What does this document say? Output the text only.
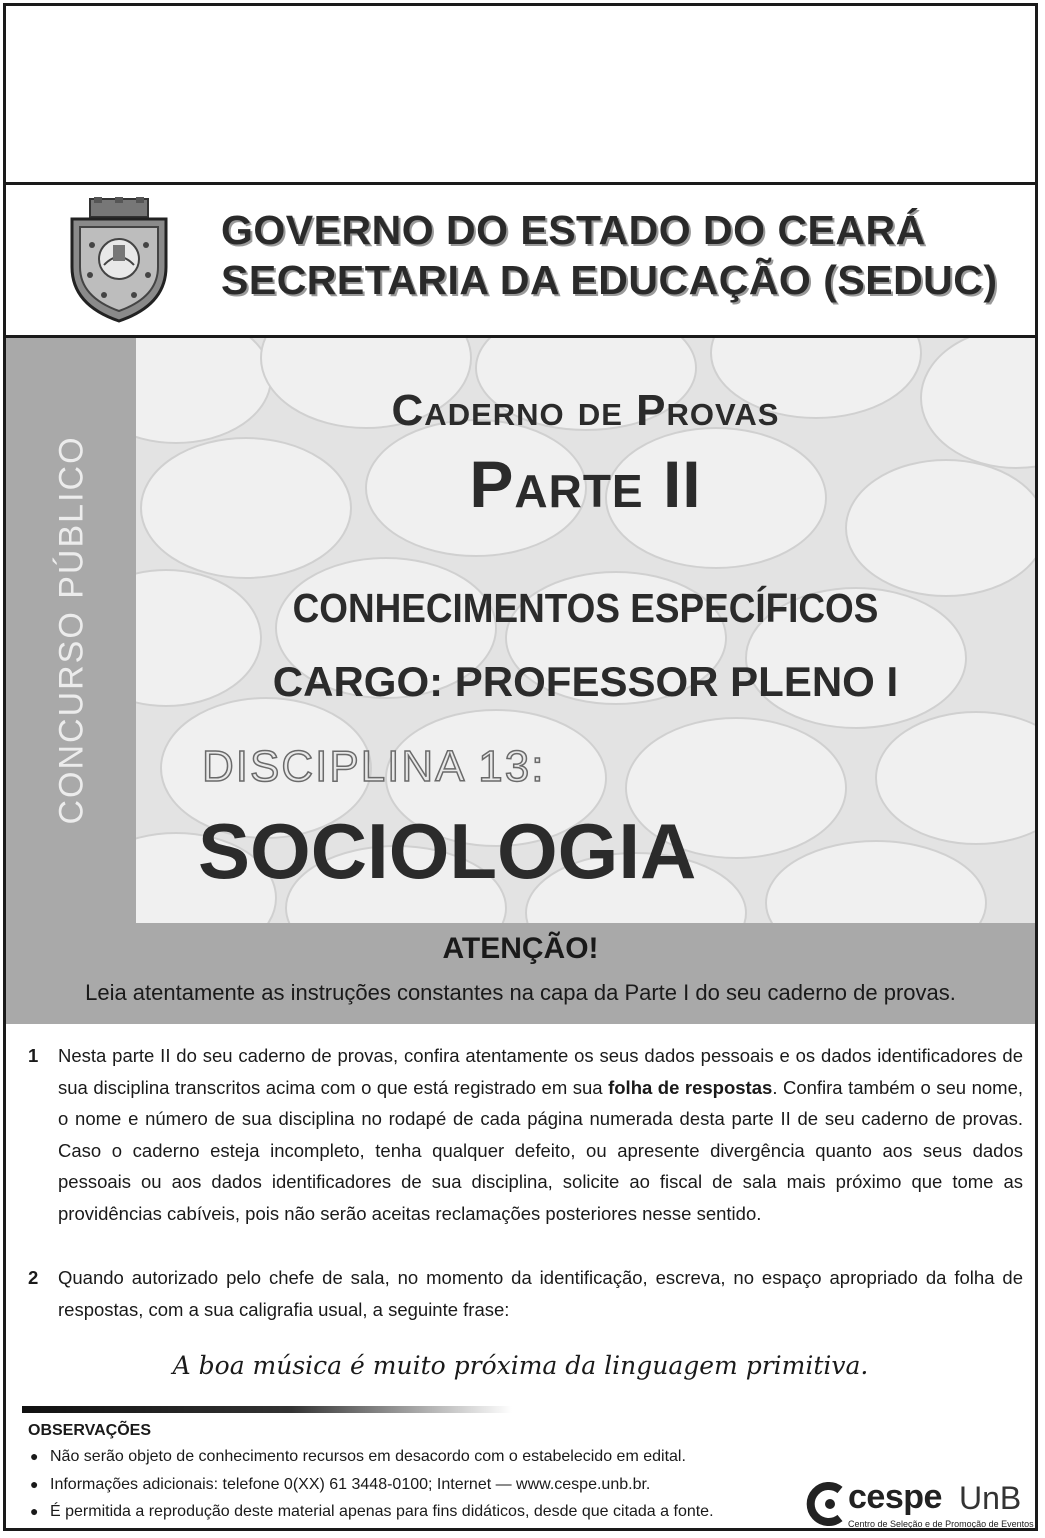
GOVERNO DO ESTADO DO CEARÁ
SECRETARIA DA EDUCAÇÃO (SEDUC)
CONCURSO PÚBLICO
Caderno de Provas
Parte II
CONHECIMENTOS ESPECÍFICOS
CARGO: PROFESSOR PLENO I
DISCIPLINA 13:
SOCIOLOGIA
ATENÇÃO!
Leia atentamente as instruções constantes na capa da Parte I do seu caderno de provas.
1 Nesta parte II do seu caderno de provas, confira atentamente os seus dados pessoais e os dados identificadores de sua disciplina transcritos acima com o que está registrado em sua folha de respostas. Confira também o seu nome, o nome e número de sua disciplina no rodapé de cada página numerada desta parte II de seu caderno de provas. Caso o caderno esteja incompleto, tenha qualquer defeito, ou apresente divergência quanto aos seus dados pessoais ou aos dados identificadores de sua disciplina, solicite ao fiscal de sala mais próximo que tome as providências cabíveis, pois não serão aceitas reclamações posteriores nesse sentido.
2 Quando autorizado pelo chefe de sala, no momento da identificação, escreva, no espaço apropriado da folha de respostas, com a sua caligrafia usual, a seguinte frase:
A boa música é muito próxima da linguagem primitiva.
OBSERVAÇÕES
● Não serão objeto de conhecimento recursos em desacordo com o estabelecido em edital.
● Informações adicionais: telefone 0(XX) 61 3448-0100; Internet — www.cespe.unb.br.
● É permitida a reprodução deste material apenas para fins didáticos, desde que citada a fonte.	cespe UnB
Centro de Seleção e de Promoção de Eventos
